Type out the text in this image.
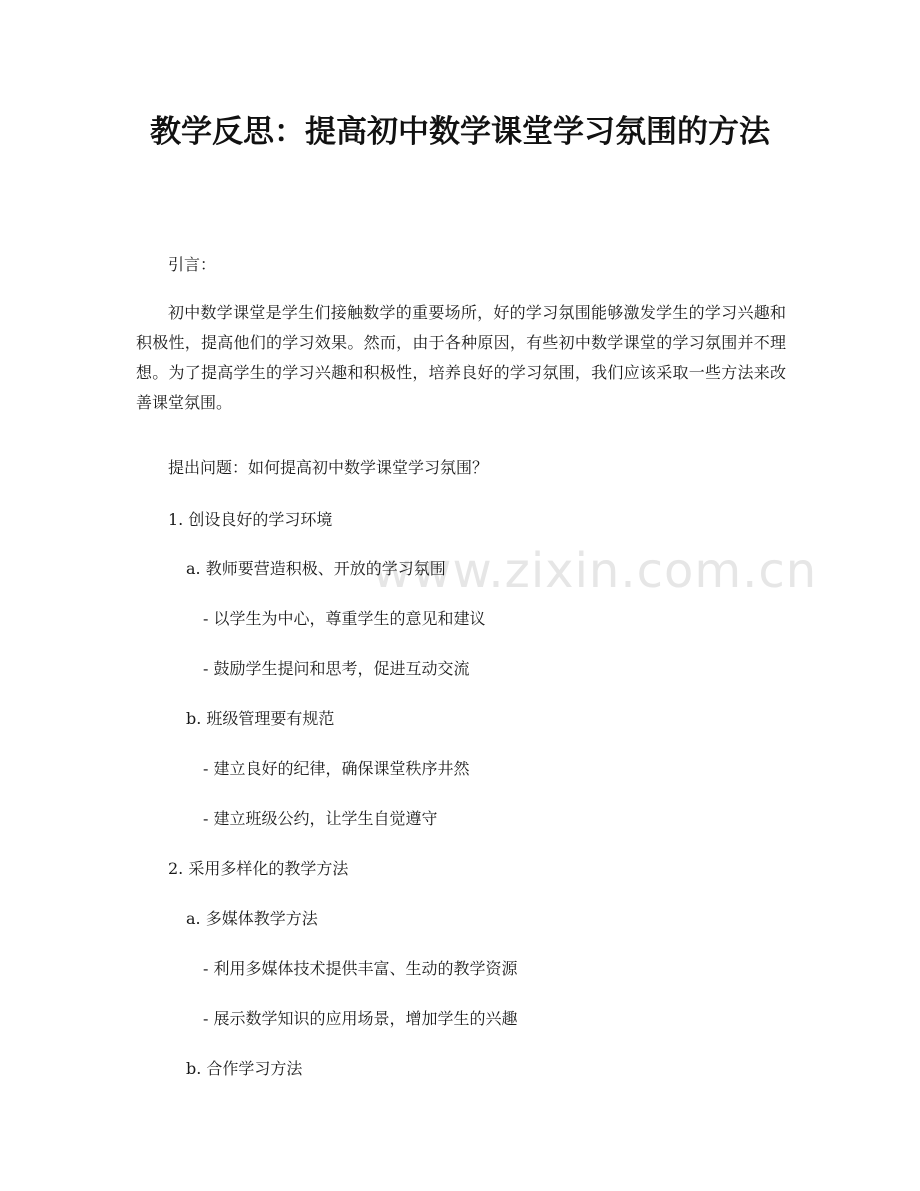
www.zixin.com.cn
教学反思：提高初中数学课堂学习氛围的方法

引言：

初中数学课堂是学生们接触数学的重要场所，好的学习氛围能够激发学生的学习兴趣和积极性，提高他们的学习效果。然而，由于各种原因，有些初中数学课堂的学习氛围并不理想。为了提高学生的学习兴趣和积极性，培养良好的学习氛围，我们应该采取一些方法来改善课堂氛围。

提出问题：如何提高初中数学课堂学习氛围？

1. 创设良好的学习环境

a. 教师要营造积极、开放的学习氛围

- 以学生为中心，尊重学生的意见和建议

- 鼓励学生提问和思考，促进互动交流

b. 班级管理要有规范

- 建立良好的纪律，确保课堂秩序井然

- 建立班级公约，让学生自觉遵守

2. 采用多样化的教学方法

a. 多媒体教学方法

- 利用多媒体技术提供丰富、生动的教学资源

- 展示数学知识的应用场景，增加学生的兴趣

b. 合作学习方法
